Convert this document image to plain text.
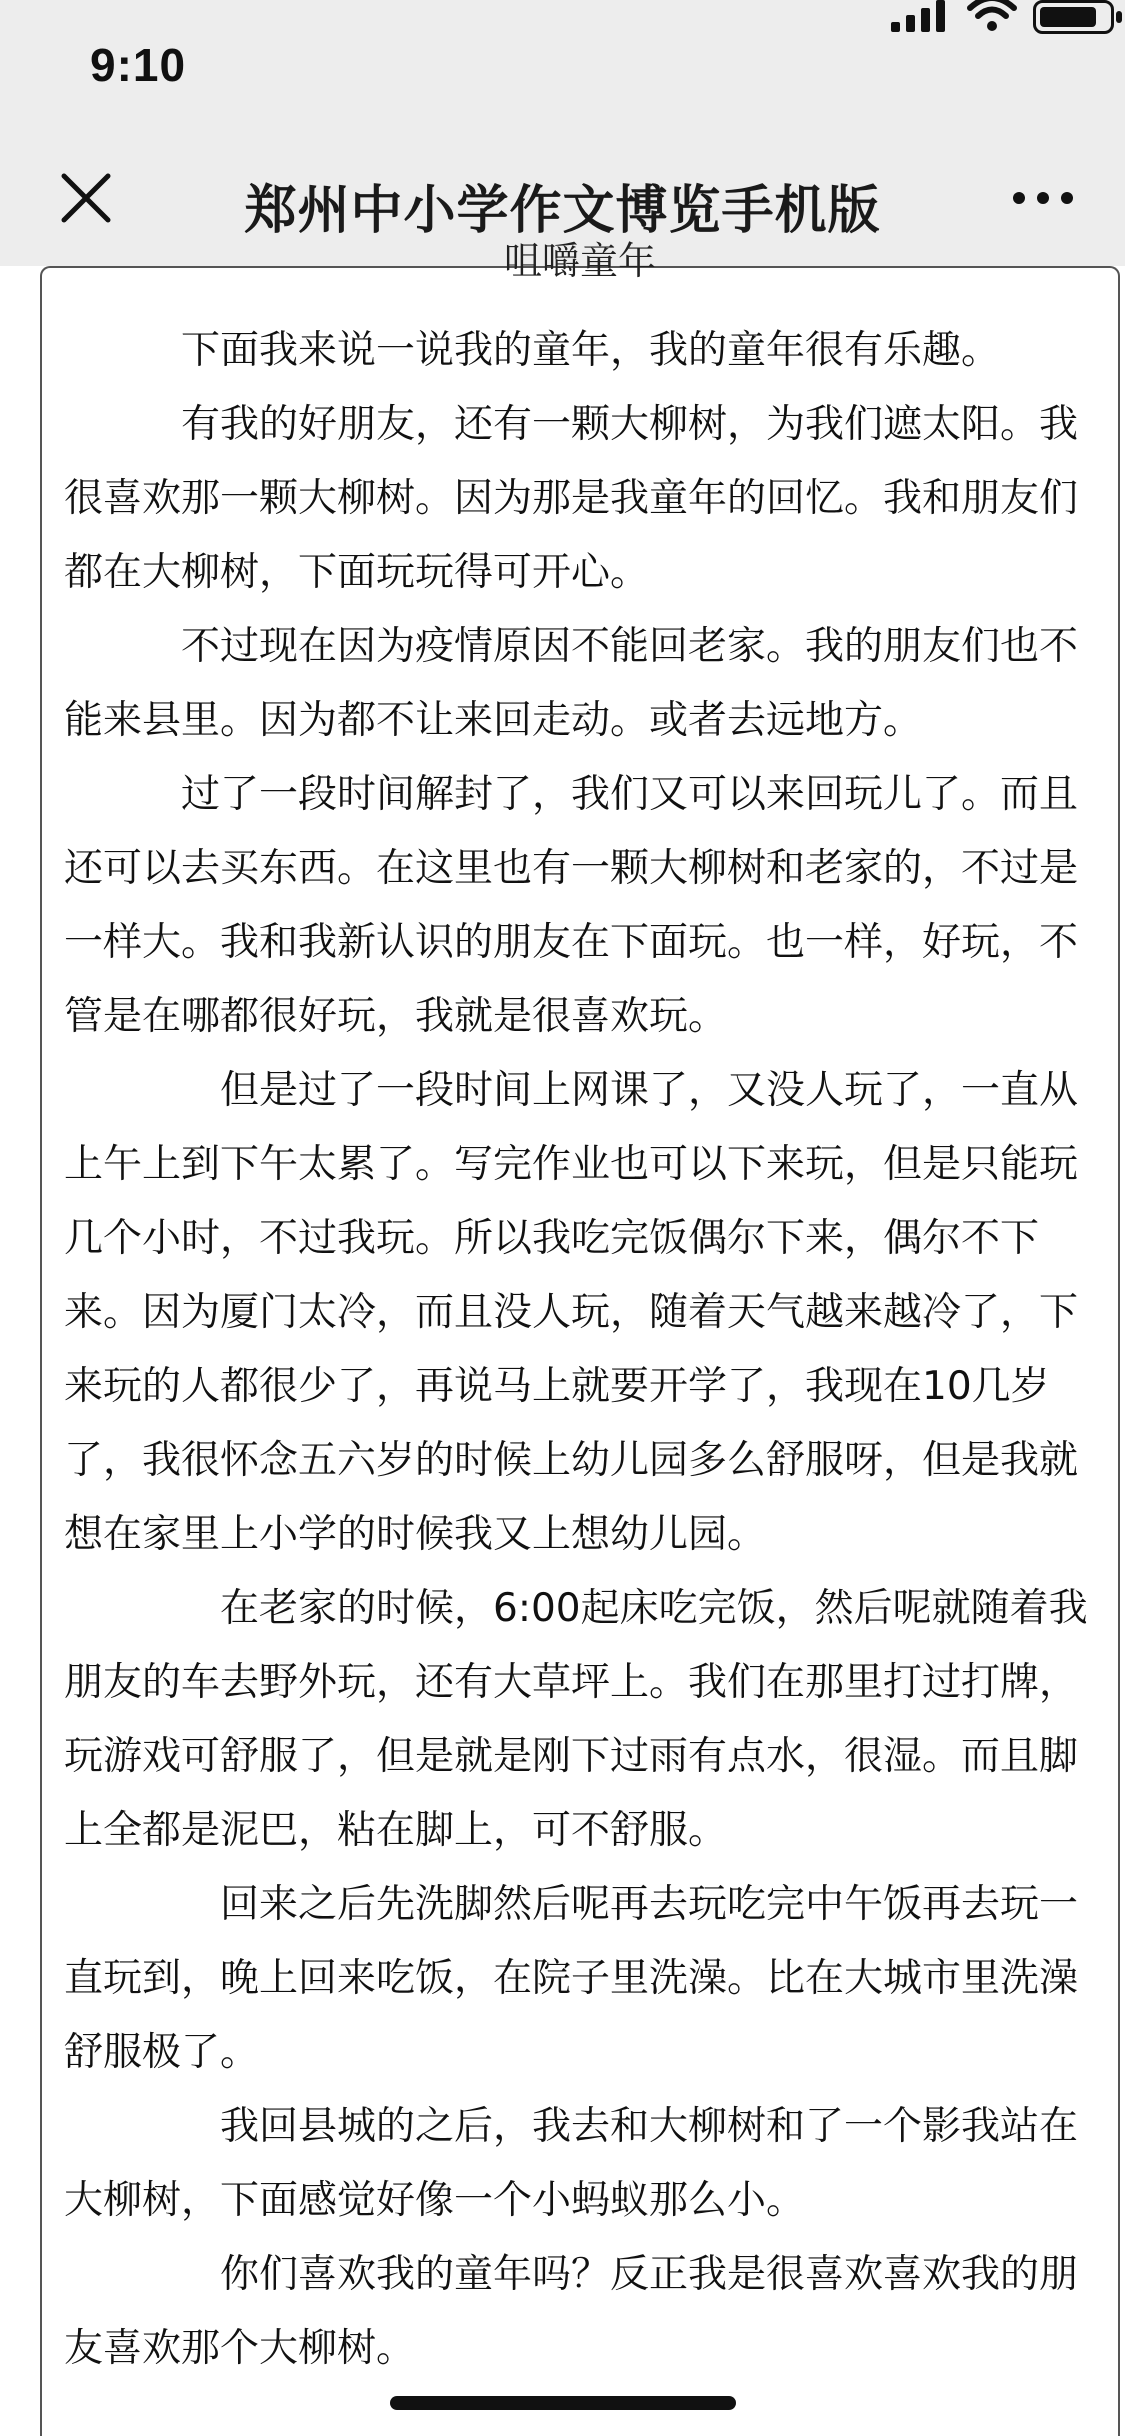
9:10
郑州中小学作文博览手机版
咀嚼童年

　　　下面我来说一说我的童年，我的童年很有乐趣。

　　　有我的好朋友，还有一颗大柳树，为我们遮太阳。我很喜欢那一颗大柳树。因为那是我童年的回忆。我和朋友们都在大柳树，下面玩玩得可开心。

　　　不过现在因为疫情原因不能回老家。我的朋友们也不能来县里。因为都不让来回走动。或者去远地方。

　　　过了一段时间解封了，我们又可以来回玩儿了。而且还可以去买东西。在这里也有一颗大柳树和老家的，不过是一样大。我和我新认识的朋友在下面玩。也一样，好玩，不管是在哪都很好玩，我就是很喜欢玩。

　　　　但是过了一段时间上网课了，又没人玩了，一直从上午上到下午太累了。写完作业也可以下来玩，但是只能玩几个小时，不过我玩。所以我吃完饭偶尔下来，偶尔不下来。因为厦门太冷，而且没人玩，随着天气越来越冷了，下来玩的人都很少了，再说马上就要开学了，我现在10几岁了，我很怀念五六岁的时候上幼儿园多么舒服呀，但是我就想在家里上小学的时候我又上想幼儿园。

　　　　在老家的时候，6:00起床吃完饭，然后呢就随着我朋友的车去野外玩，还有大草坪上。我们在那里打过打牌，玩游戏可舒服了，但是就是刚下过雨有点水，很湿。而且脚上全都是泥巴，粘在脚上，可不舒服。

　　　　回来之后先洗脚然后呢再去玩吃完中午饭再去玩一直玩到，晚上回来吃饭，在院子里洗澡。比在大城市里洗澡舒服极了。

　　　　我回县城的之后，我去和大柳树和了一个影我站在大柳树，下面感觉好像一个小蚂蚁那么小。

　　　　你们喜欢我的童年吗？反正我是很喜欢喜欢我的朋友喜欢那个大柳树。
